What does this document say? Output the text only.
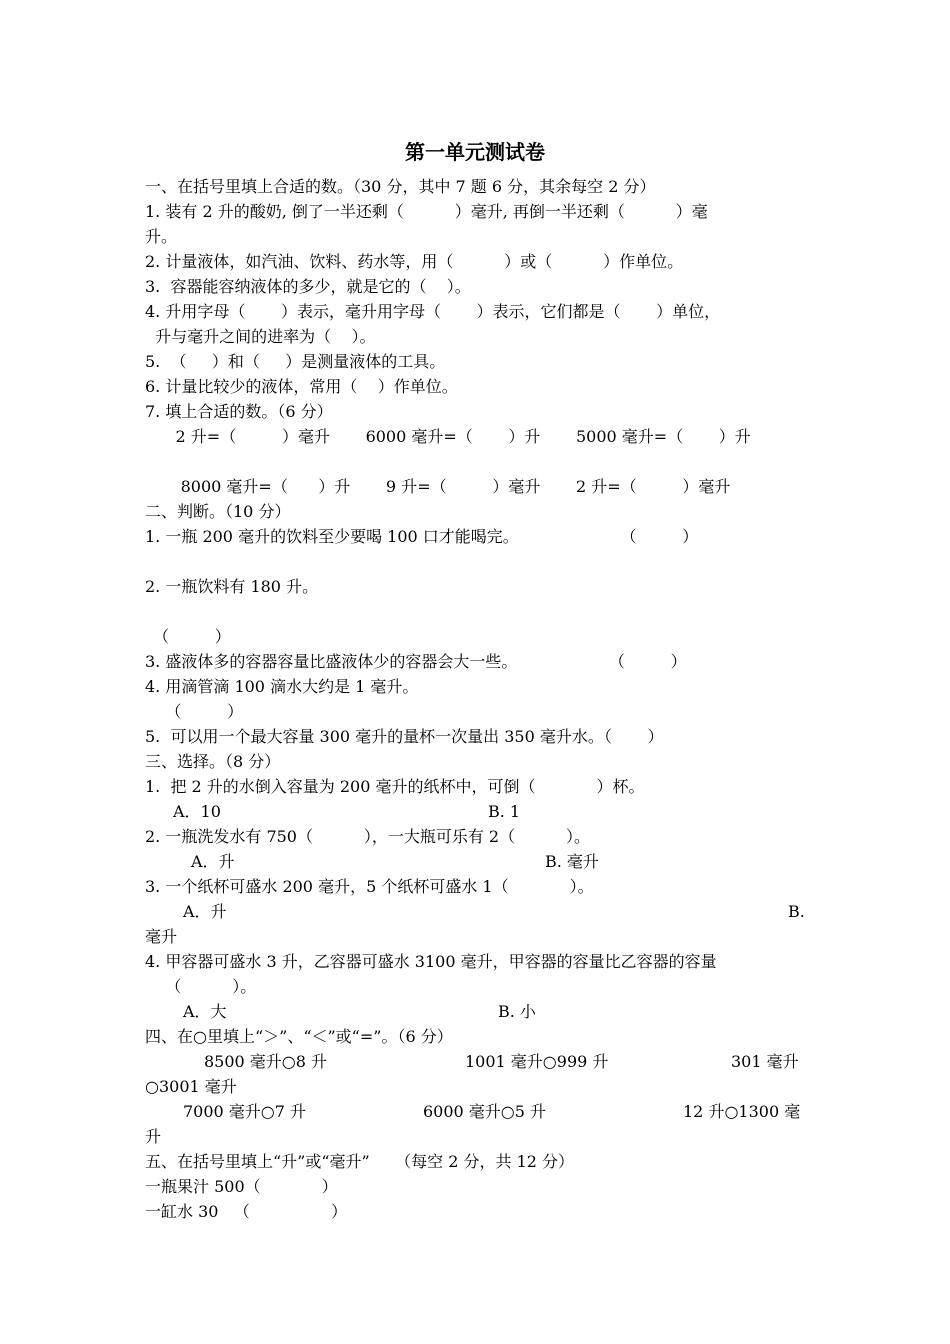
第一单元测试卷
一、在括号里填上合适的数。（30 分，其中 7 题 6 分，其余每空 2 分）
1. 装有 2 升的酸奶, 倒了一半还剩（          ）毫升, 再倒一半还剩（          ）毫
升。
2. 计量液体，如汽油、饮料、药水等，用（          ）或（          ）作单位。
3.  容器能容纳液体的多少，就是它的（    ）。
4. 升用字母（       ）表示，毫升用字母（       ）表示，它们都是（       ）单位，
升与毫升之间的进率为（    ）。
5.  （     ）和（     ）是测量液体的工具。
6. 计量比较少的液体，常用（    ）作单位。
7. 填上合适的数。（6 分）
2 升=（         ）毫升       6000 毫升=（       ）升       5000 毫升=（       ）升
8000 毫升=（      ）升       9 升=（         ）毫升       2 升=（         ）毫升
二、判断。（10 分）
1. 一瓶 200 毫升的饮料至少要喝 100 口才能喝完。                    （         ）
2. 一瓶饮料有 180 升。
（         ）
3. 盛液体多的容器容量比盛液体少的容器会大一些。                  （         ）
4. 用滴管滴 100 滴水大约是 1 毫升。
（         ）
5.  可以用一个最大容量 300 毫升的量杯一次量出 350 毫升水。（       ）
三、选择。（8 分）
1.  把 2 升的水倒入容量为 200 毫升的纸杯中，可倒（            ）杯。
A．10	B. 1
2. 一瓶洗发水有 750（          ），一大瓶可乐有 2（          ）。
A．升	B. 毫升
3. 一个纸杯可盛水 200 毫升，5 个纸杯可盛水 1（            ）。
A．升	B.
毫升
4. 甲容器可盛水 3 升，乙容器可盛水 3100 毫升，甲容器的容量比乙容器的容量
（          ）。
A．大	B. 小
四、在○里填上“＞”、“＜”或“=”。（6 分）
8500 毫升○8 升	1001 毫升○999 升	301 毫升
○3001 毫升
7000 毫升○7 升	6000 毫升○5 升	12 升○1300 毫
升
五、在括号里填上“升”或“毫升”     （每空 2 分，共 12 分）
一瓶果汁 500（            ）
一缸水 30   （                ）
